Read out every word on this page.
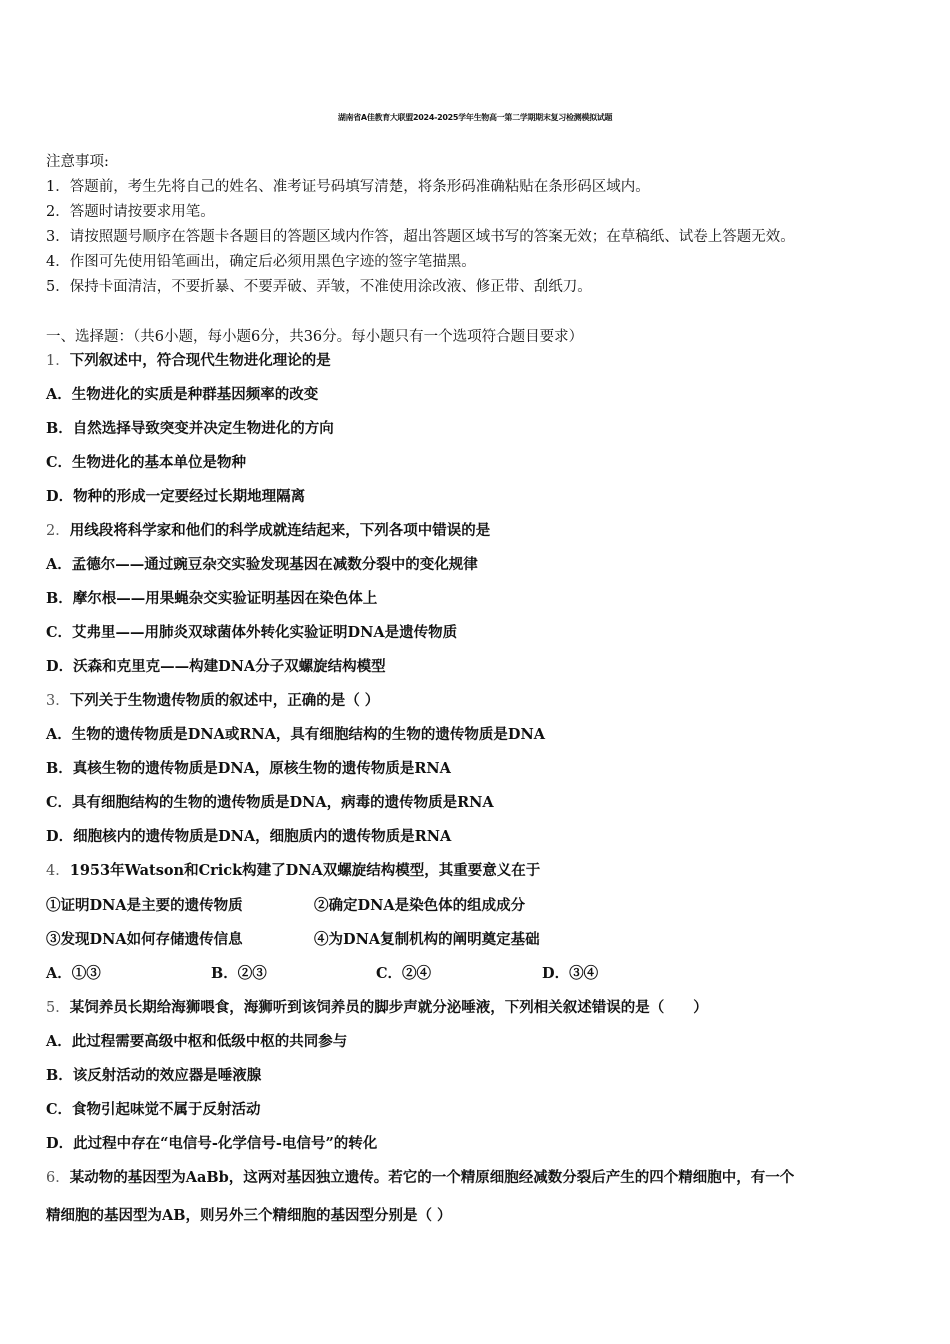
湖南省A佳教育大联盟2024-2025学年生物高一第二学期期末复习检测模拟试题
注意事项:
1．答题前，考生先将自己的姓名、准考证号码填写清楚，将条形码准确粘贴在条形码区域内。
2．答题时请按要求用笔。
3．请按照题号顺序在答题卡各题目的答题区域内作答，超出答题区域书写的答案无效；在草稿纸、试卷上答题无效。
4．作图可先使用铅笔画出，确定后必须用黑色字迹的签字笔描黑。
5．保持卡面清洁，不要折暴、不要弄破、弄皱，不准使用涂改液、修正带、刮纸刀。
一、选择题：（共6小题，每小题6分，共36分。每小题只有一个选项符合题目要求）
1．下列叙述中，符合现代生物进化理论的是
A．生物进化的实质是种群基因频率的改变
B．自然选择导致突变并决定生物进化的方向
C．生物进化的基本单位是物种
D．物种的形成一定要经过长期地理隔离
2．用线段将科学家和他们的科学成就连结起来，下列各项中错误的是
A．孟德尔——通过豌豆杂交实验发现基因在减数分裂中的变化规律
B．摩尔根——用果蝇杂交实验证明基因在染色体上
C．艾弗里——用肺炎双球菌体外转化实验证明DNA是遗传物质
D．沃森和克里克——构建DNA分子双螺旋结构模型
3．下列关于生物遗传物质的叙述中，正确的是（ ）
A．生物的遗传物质是DNA或RNA，具有细胞结构的生物的遗传物质是DNA
B．真核生物的遗传物质是DNA，原核生物的遗传物质是RNA
C．具有细胞结构的生物的遗传物质是DNA，病毒的遗传物质是RNA
D．细胞核内的遗传物质是DNA，细胞质内的遗传物质是RNA
4．1953年Watson和Crick构建了DNA双螺旋结构模型，其重要意义在于
①证明DNA是主要的遗传物质	②确定DNA是染色体的组成成分
③发现DNA如何存储遗传信息	④为DNA复制机构的阐明奠定基础
A．①③	B．②③	C．②④	D．③④
5．某饲养员长期给海狮喂食，海狮听到该饲养员的脚步声就分泌唾液，下列相关叙述错误的是（　　）
A．此过程需要高级中枢和低级中枢的共同参与
B．该反射活动的效应器是唾液腺
C．食物引起味觉不属于反射活动
D．此过程中存在“电信号-化学信号-电信号”的转化
6．某动物的基因型为AaBb，这两对基因独立遗传。若它的一个精原细胞经减数分裂后产生的四个精细胞中，有一个
精细胞的基因型为AB，则另外三个精细胞的基因型分别是（ ）
